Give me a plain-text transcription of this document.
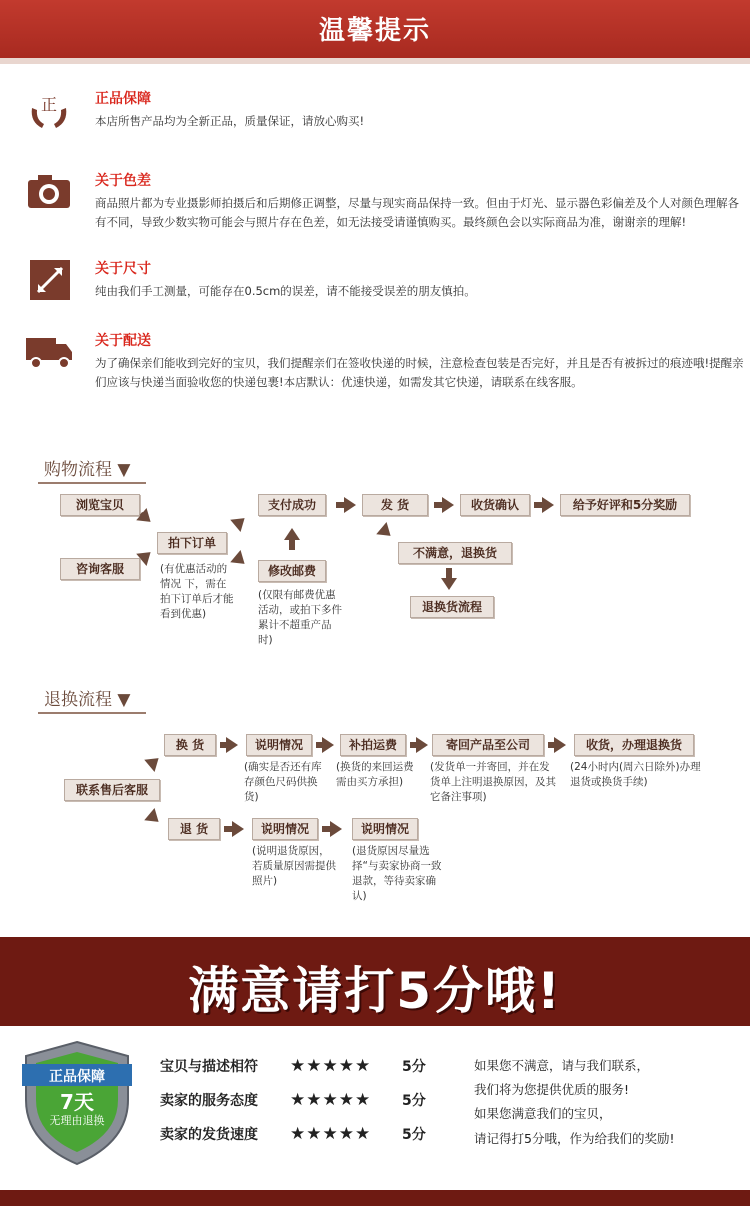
温馨提示
正	正品保障
本店所售产品均为全新正品，质量保证，请放心购买!
关于色差
商品照片都为专业摄影师拍摄后和后期修正调整，尽量与现实商品保持一致。但由于灯光、显示器色彩偏差及个人对颜色理解各有不同，导致少数实物可能会与照片存在色差，如无法接受请谨慎购买。最终颜色会以实际商品为准，谢谢亲的理解!
关于尺寸
纯由我们手工测量，可能存在0.5cm的误差，请不能接受误差的朋友慎拍。
关于配送
为了确保亲们能收到完好的宝贝，我们提醒亲们在签收快递的时候，注意检查包装是否完好，并且是否有被拆过的痕迹哦!提醒亲们应该与快递当面验收您的快递包裹!本店默认：优速快递，如需发其它快递，请联系在线客服。
购物流程 ▼
浏览宝贝
咨询客服
拍下订单
(有优惠活动的情况 下，需在拍下订单后才能看到优惠)
支付成功
修改邮费
(仅限有邮费优惠活动，或拍下多件累计不超重产品时)
发 货	收货确认	给予好评和5分奖励
不满意，退换货
退换货流程
退换流程 ▼
联系售后客服
换 货	说明情况
(确实是否还有库存颜色尺码供换货)
补拍运费
(换货的来回运费需由买方承担)
寄回产品至公司
(发货单一并寄回，并在发货单上注明退换原因，及其它备注事项)
收货，办理退换货
(24小时内(周六日除外)办理退货或换货手续)
退 货	说明情况
(说明退货原因，若质量原因需提供照片)
说明情况
(退货原因尽量选择“与卖家协商一致退款，等待卖家确认)
满意请打5分哦!
正品保障
7天
无理由退换
宝贝与描述相符 ★★★★★ 5分
卖家的服务态度 ★★★★★ 5分
卖家的发货速度 ★★★★★ 5分
如果您不满意，请与我们联系，
我们将为您提供优质的服务!
如果您满意我们的宝贝，
请记得打5分哦，作为给我们的奖励!
